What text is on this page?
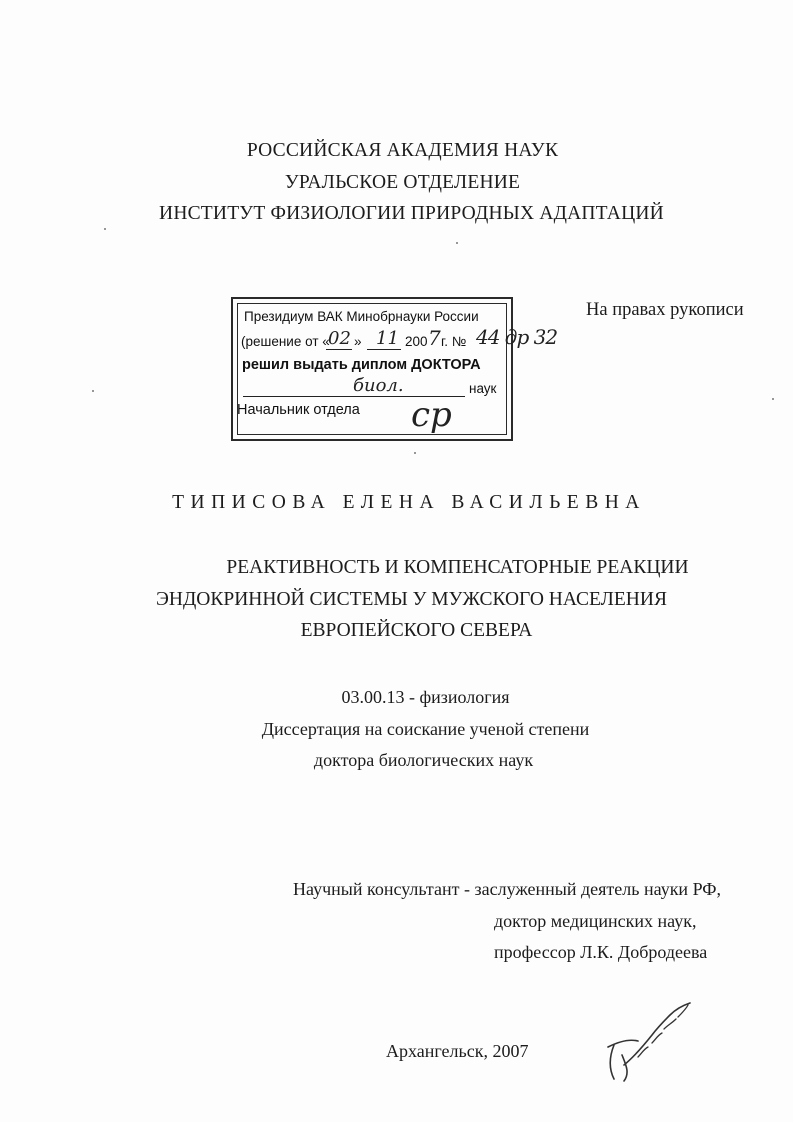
РОССИЙСКАЯ АКАДЕМИЯ НАУК
УРАЛЬСКОЕ ОТДЕЛЕНИЕ
ИНСТИТУТ ФИЗИОЛОГИИ ПРИРОДНЫХ АДАПТАЦИЙ
На правах рукописи
Президиум ВАК Минобрнауки России
(решение от «
02 » 11 200 7 г. № 44 др 32
решил выдать диплом ДОКТОРА
биол.	наук
Начальник отдела ср
ТИПИСОВА ЕЛЕНА ВАСИЛЬЕВНА
РЕАКТИВНОСТЬ И КОМПЕНСАТОРНЫЕ РЕАКЦИИ
ЭНДОКРИННОЙ СИСТЕМЫ У МУЖСКОГО НАСЕЛЕНИЯ
ЕВРОПЕЙСКОГО СЕВЕРА
03.00.13 - физиология
Диссертация на соискание ученой степени
доктора биологических наук
Научный консультант - заслуженный деятель науки РФ,
доктор медицинских наук,
профессор Л.К. Добродеева
Архангельск, 2007
